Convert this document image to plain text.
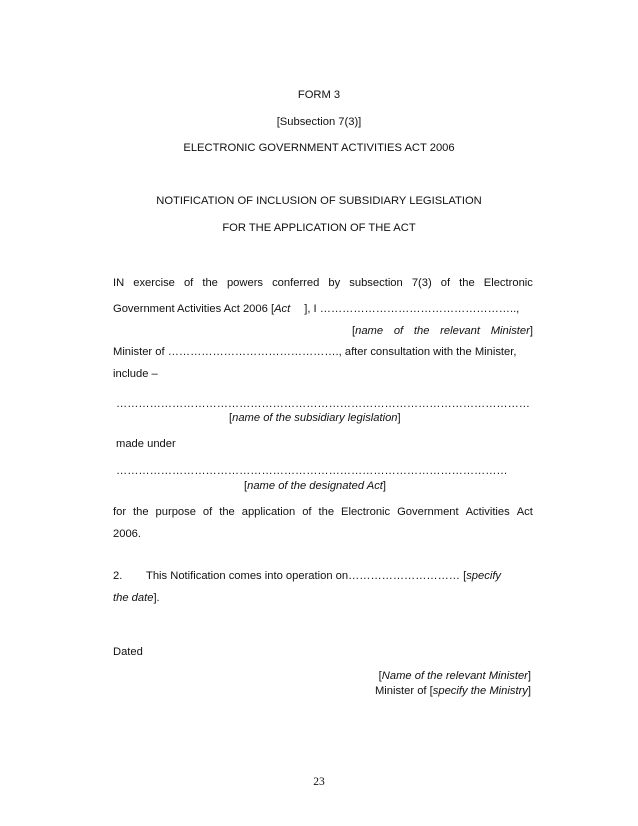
FORM 3
[Subsection 7(3)]
ELECTRONIC GOVERNMENT ACTIVITIES ACT 2006
NOTIFICATION OF INCLUSION OF SUBSIDIARY LEGISLATION
FOR THE APPLICATION OF THE ACT
IN exercise of the powers conferred by subsection 7(3) of the Electronic
Government Activities Act 2006 [Act ], I ……………………………………………..,
[name of the relevant Minister]
Minister of ………………………………………., after consultation with the Minister,
include –
…………………………………………………………………………………………………
[name of the subsidiary legislation]
made under
……………………………………………………………………………………………
[name of the designated Act]
for the purpose of the application of the Electronic Government Activities Act
2006.
2. This Notification comes into operation on………………………… [specify
the date].
Dated
[Name of the relevant Minister]
Minister of [specify the Ministry]
23
